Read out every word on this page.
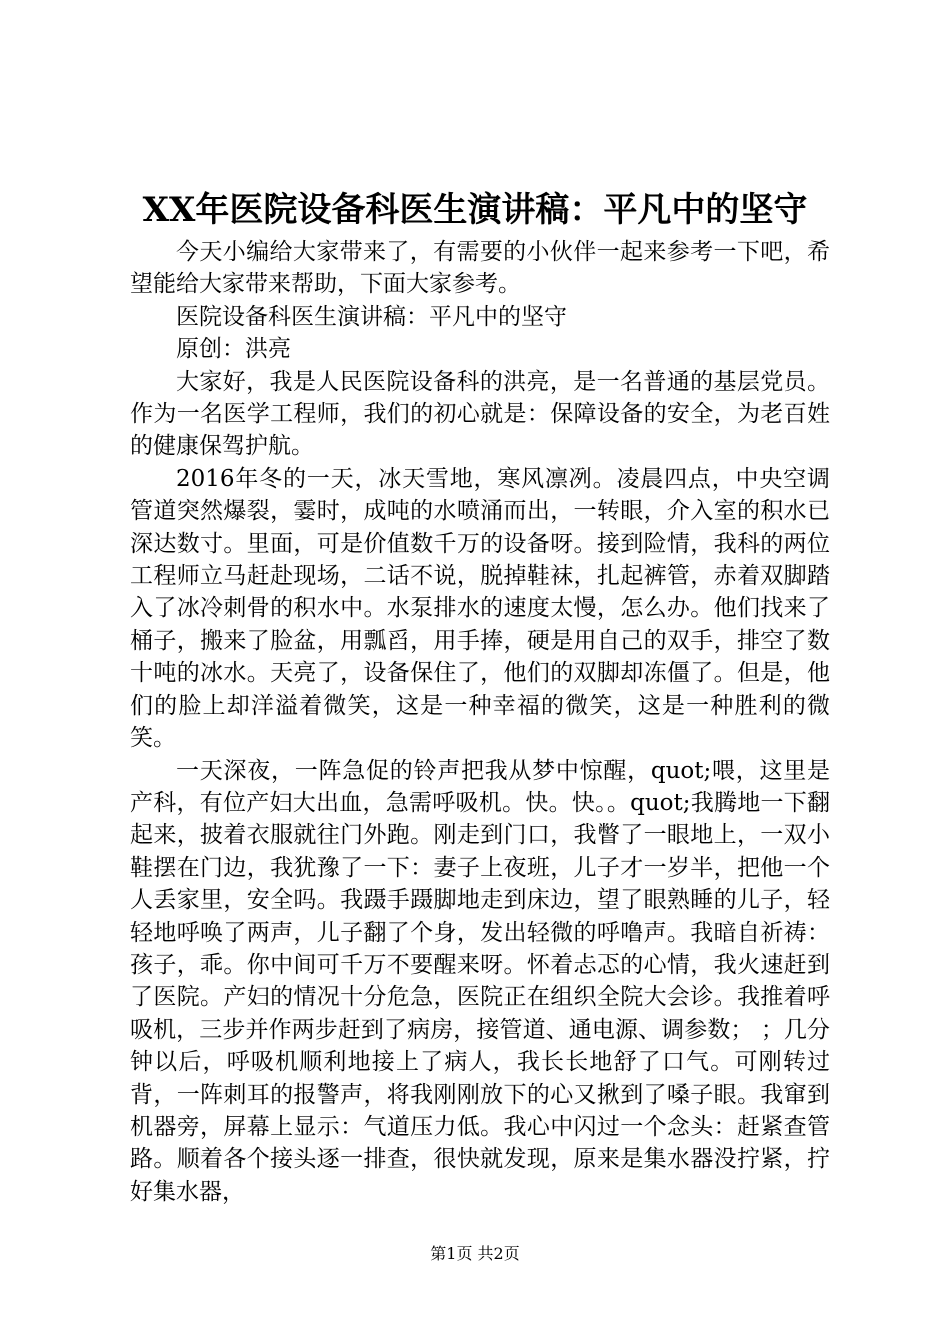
XX年医院设备科医生演讲稿：平凡中的坚守

今天小编给大家带来了，有需要的小伙伴一起来参考一下吧，希望能给大家带来帮助，下面大家参考。

医院设备科医生演讲稿：平凡中的坚守

原创：洪亮

大家好，我是人民医院设备科的洪亮，是一名普通的基层党员。作为一名医学工程师，我们的初心就是：保障设备的安全，为老百姓的健康保驾护航。

2016年冬的一天，冰天雪地，寒风凛冽。凌晨四点，中央空调管道突然爆裂，霎时，成吨的水喷涌而出，一转眼，介入室的积水已深达数寸。里面，可是价值数千万的设备呀。接到险情，我科的两位工程师立马赶赴现场，二话不说，脱掉鞋袜，扎起裤管，赤着双脚踏入了冰冷刺骨的积水中。水泵排水的速度太慢，怎么办。他们找来了桶子，搬来了脸盆，用瓢舀，用手捧，硬是用自己的双手，排空了数十吨的冰水。天亮了，设备保住了，他们的双脚却冻僵了。但是，他们的脸上却洋溢着微笑，这是一种幸福的微笑，这是一种胜利的微笑。

一天深夜，一阵急促的铃声把我从梦中惊醒，quot;喂，这里是产科，有位产妇大出血，急需呼吸机。快。快。。quot;我腾地一下翻起来，披着衣服就往门外跑。刚走到门口，我瞥了一眼地上，一双小鞋摆在门边，我犹豫了一下：妻子上夜班，儿子才一岁半，把他一个人丢家里，安全吗。我蹑手蹑脚地走到床边，望了眼熟睡的儿子，轻轻地呼唤了两声，儿子翻了个身，发出轻微的呼噜声。我暗自祈祷：孩子，乖。你中间可千万不要醒来呀。怀着忐忑的心情，我火速赶到了医院。产妇的情况十分危急，医院正在组织全院大会诊。我推着呼吸机，三步并作两步赶到了病房，接管道、通电源、调参数； ；几分钟以后，呼吸机顺利地接上了病人，我长长地舒了口气。可刚转过背，一阵刺耳的报警声，将我刚刚放下的心又揪到了嗓子眼。我窜到机器旁，屏幕上显示：气道压力低。我心中闪过一个念头：赶紧查管路。顺着各个接头逐一排查，很快就发现，原来是集水器没拧紧，拧好集水器，

第1页 共2页
